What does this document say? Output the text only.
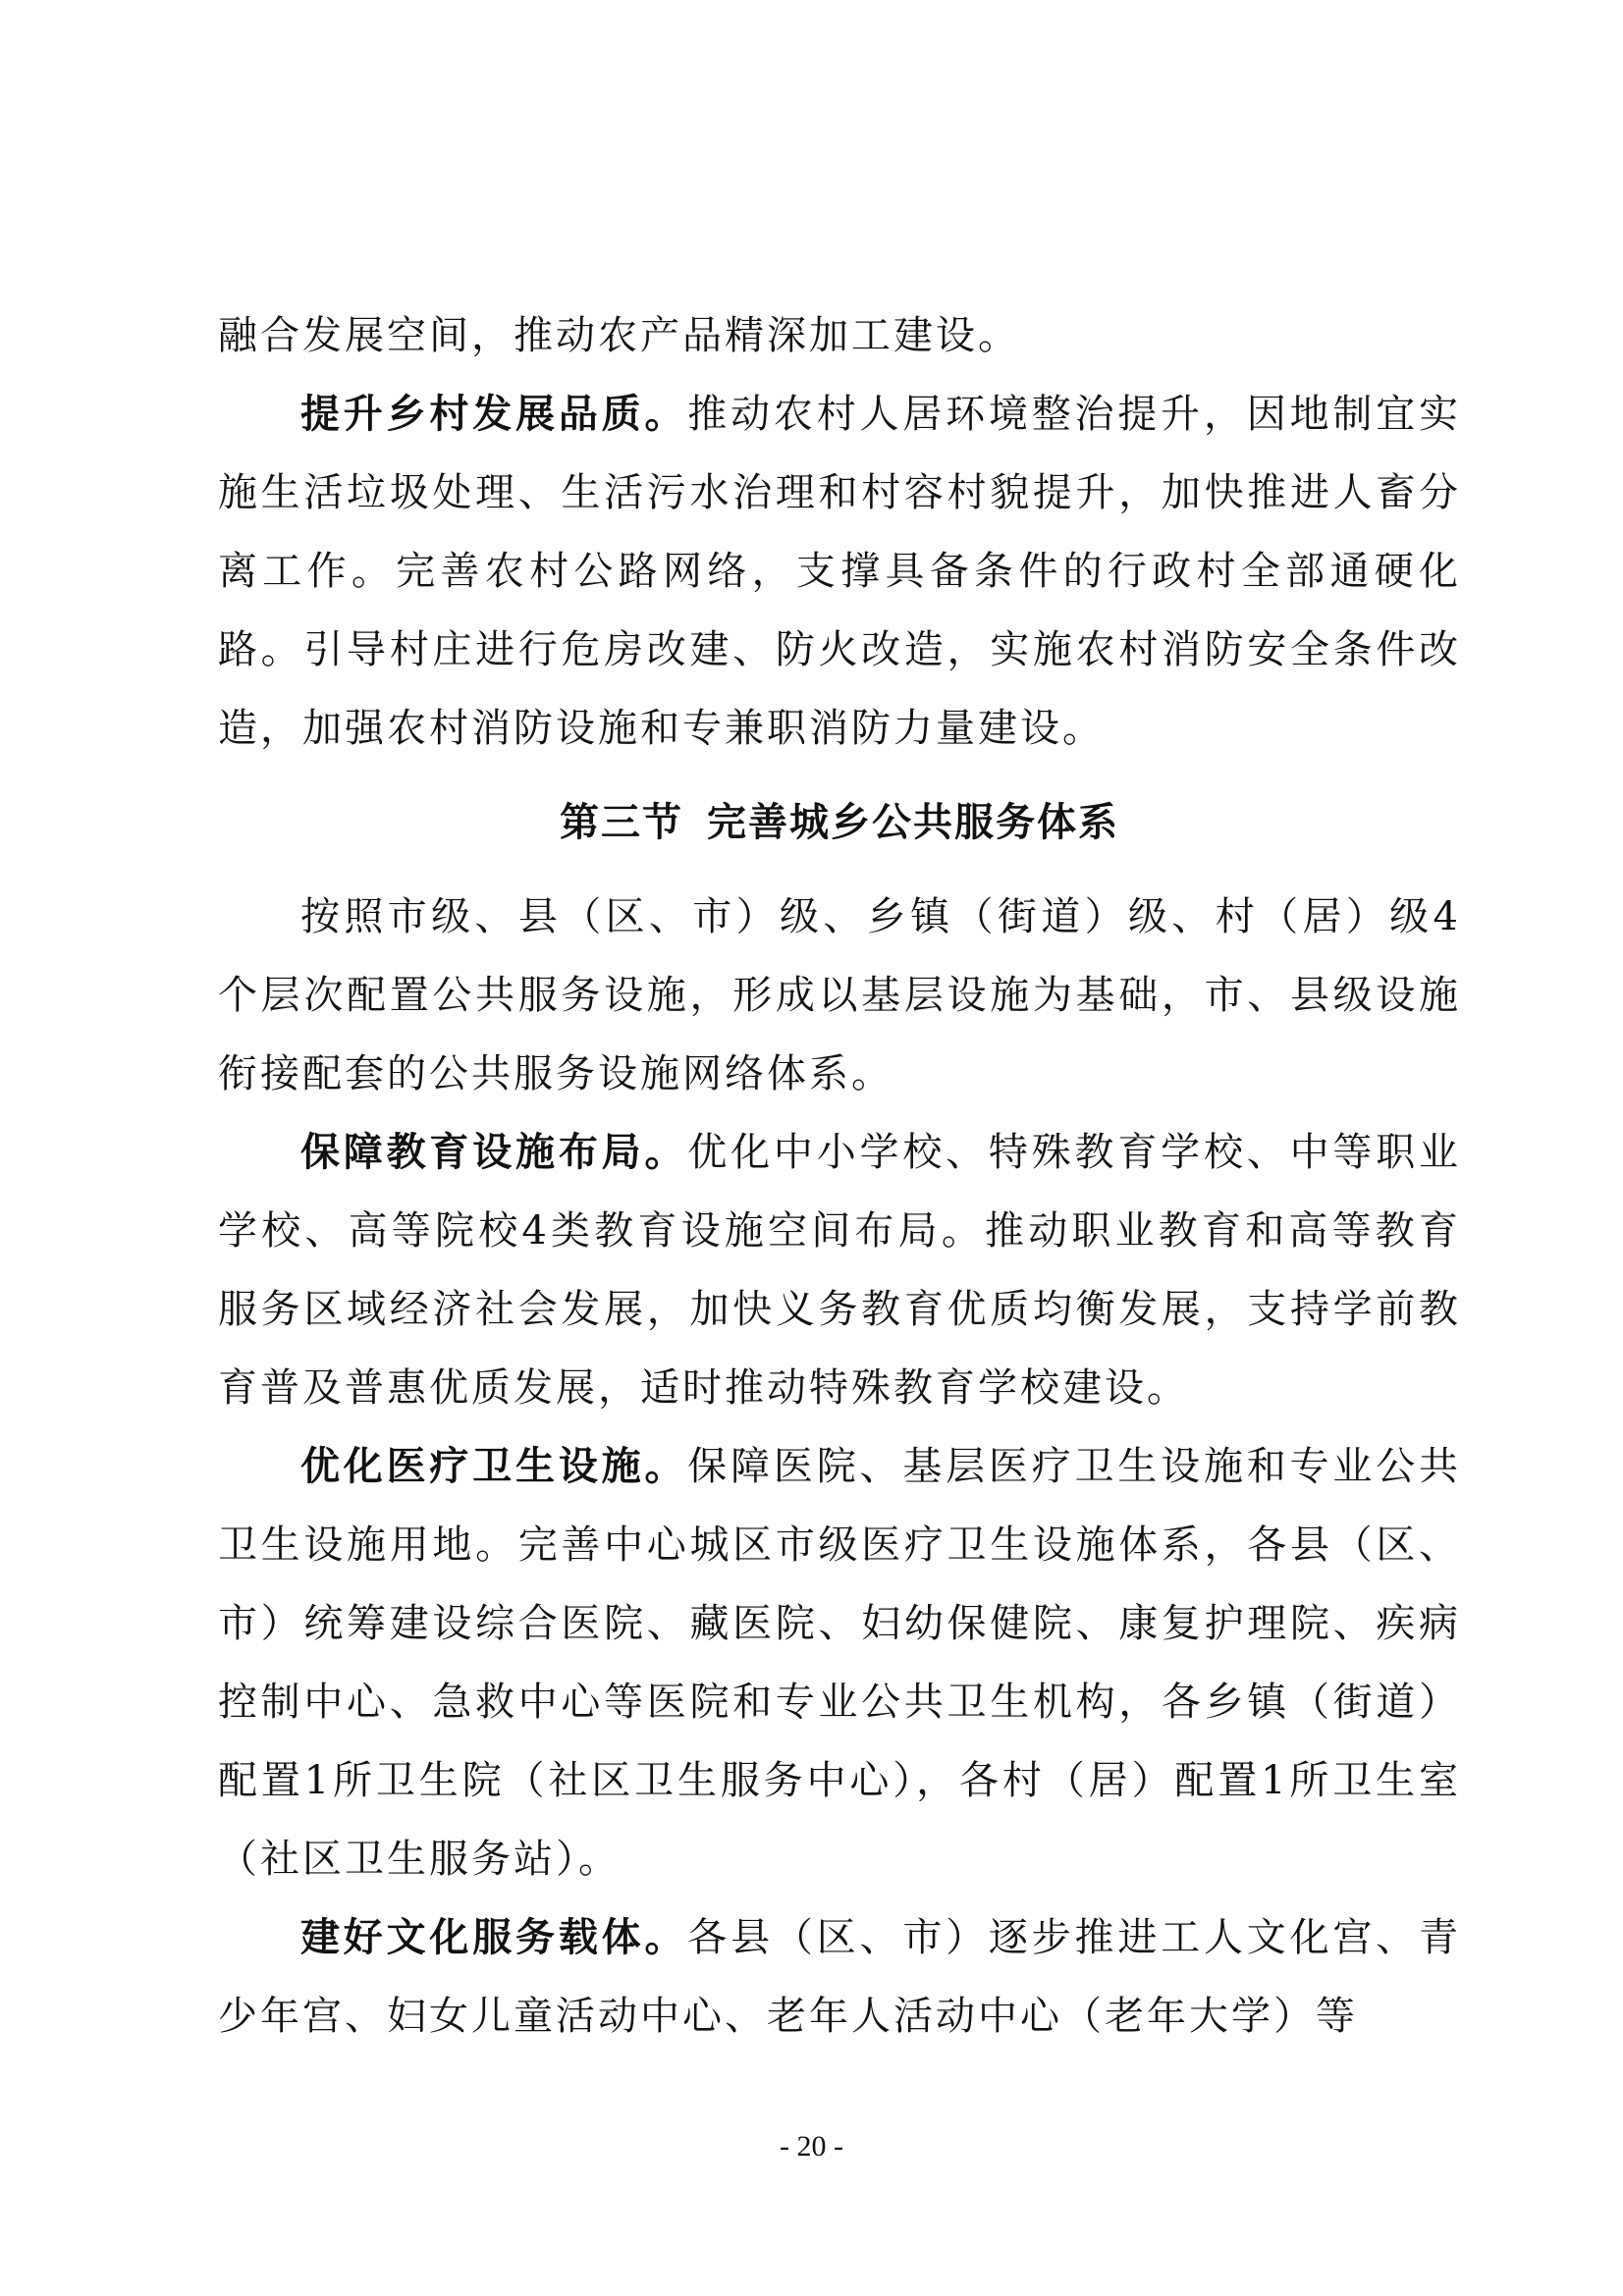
融合发展空间，推动农产品精深加工建设。

提升乡村发展品质。推动农村人居环境整治提升，因地制宜实施生活垃圾处理、生活污水治理和村容村貌提升，加快推进人畜分离工作。完善农村公路网络，支撑具备条件的行政村全部通硬化路。引导村庄进行危房改建、防火改造，实施农村消防安全条件改造，加强农村消防设施和专兼职消防力量建设。

第三节 完善城乡公共服务体系

按照市级、县（区、市）级、乡镇（街道）级、村（居）级4个层次配置公共服务设施，形成以基层设施为基础，市、县级设施衔接配套的公共服务设施网络体系。

保障教育设施布局。优化中小学校、特殊教育学校、中等职业学校、高等院校4类教育设施空间布局。推动职业教育和高等教育服务区域经济社会发展，加快义务教育优质均衡发展，支持学前教育普及普惠优质发展，适时推动特殊教育学校建设。

优化医疗卫生设施。保障医院、基层医疗卫生设施和专业公共卫生设施用地。完善中心城区市级医疗卫生设施体系，各县（区、市）统筹建设综合医院、藏医院、妇幼保健院、康复护理院、疾病控制中心、急救中心等医院和专业公共卫生机构，各乡镇（街道）配置1所卫生院（社区卫生服务中心），各村（居）配置1所卫生室（社区卫生服务站）。

建好文化服务载体。各县（区、市）逐步推进工人文化宫、青少年宫、妇女儿童活动中心、老年人活动中心（老年大学）等

- 20 -
